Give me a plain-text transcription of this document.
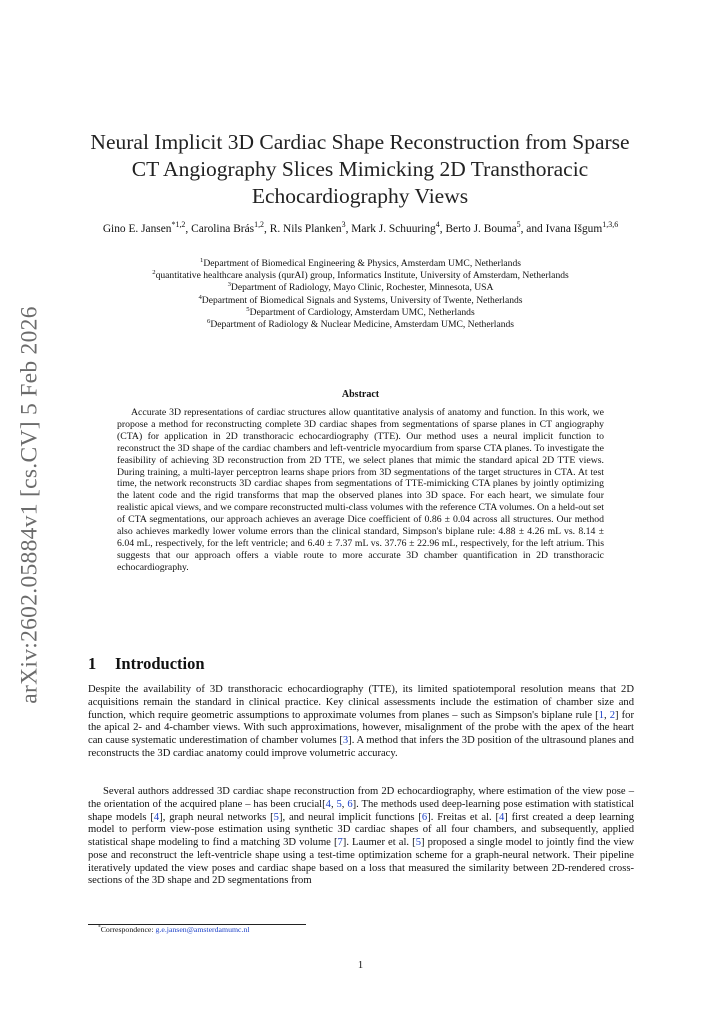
arXiv:2602.05884v1 [cs.CV] 5 Feb 2026
Neural Implicit 3D Cardiac Shape Reconstruction from Sparse CT Angiography Slices Mimicking 2D Transthoracic Echocardiography Views
Gino E. Jansen$^{*1,2}$, Carolina Brás$^{1,2}$, R. Nils Planken$^3$, Mark J. Schuuring$^4$, Berto J. Bouma$^5$, and Ivana Išgum$^{1,3,6}$
$^1$Department of Biomedical Engineering & Physics, Amsterdam UMC, Netherlands
$^2$quantitative healthcare analysis (qurAI) group, Informatics Institute, University of Amsterdam, Netherlands
$^3$Department of Radiology, Mayo Clinic, Rochester, Minnesota, USA
$^4$Department of Biomedical Signals and Systems, University of Twente, Netherlands
$^5$Department of Cardiology, Amsterdam UMC, Netherlands
$^6$Department of Radiology & Nuclear Medicine, Amsterdam UMC, Netherlands
Abstract
Accurate 3D representations of cardiac structures allow quantitative analysis of anatomy and function. In this work, we propose a method for reconstructing complete 3D cardiac shapes from segmentations of sparse planes in CT angiography (CTA) for application in 2D transthoracic echocardiography (TTE). Our method uses a neural implicit function to reconstruct the 3D shape of the cardiac chambers and left-ventricle myocardium from sparse CTA planes. To investigate the feasibility of achieving 3D reconstruction from 2D TTE, we select planes that mimic the standard apical 2D TTE views. During training, a multi-layer perceptron learns shape priors from 3D segmentations of the target structures in CTA. At test time, the network reconstructs 3D cardiac shapes from segmentations of TTE-mimicking CTA planes by jointly optimizing the latent code and the rigid transforms that map the observed planes into 3D space. For each heart, we simulate four realistic apical views, and we compare reconstructed multi-class volumes with the reference CTA volumes. On a held-out set of CTA segmentations, our approach achieves an average Dice coefficient of 0.86 ± 0.04 across all structures. Our method also achieves markedly lower volume errors than the clinical standard, Simpson's biplane rule: 4.88 ± 4.26 mL vs. 8.14 ± 6.04 mL, respectively, for the left ventricle; and 6.40 ± 7.37 mL vs. 37.76 ± 22.96 mL, respectively, for the left atrium. This suggests that our approach offers a viable route to more accurate 3D chamber quantification in 2D transthoracic echocardiography.
1 Introduction
Despite the availability of 3D transthoracic echocardiography (TTE), its limited spatiotemporal resolution means that 2D acquisitions remain the standard in clinical practice. Key clinical assessments include the estimation of chamber size and function, which require geometric assumptions to approximate volumes from planes – such as Simpson's biplane rule [1, 2] for the apical 2- and 4-chamber views. With such approximations, however, misalignment of the probe with the apex of the heart can cause systematic underestimation of chamber volumes [3]. A method that infers the 3D position of the ultrasound planes and reconstructs the 3D cardiac anatomy could improve volumetric accuracy.
Several authors addressed 3D cardiac shape reconstruction from 2D echocardiography, where estimation of the view pose – the orientation of the acquired plane – has been crucial[4, 5, 6]. The methods used deep-learning pose estimation with statistical shape models [4], graph neural networks [5], and neural implicit functions [6]. Freitas et al. [4] first created a deep learning model to perform view-pose estimation using synthetic 3D cardiac shapes of all four chambers, and subsequently, applied statistical shape modeling to find a matching 3D volume [7]. Laumer et al. [5] proposed a single model to jointly find the view pose and reconstruct the left-ventricle shape using a test-time optimization scheme for a graph-neural network. Their pipeline iteratively updated the view poses and cardiac shape based on a loss that measured the similarity between 2D-rendered cross-sections of the 3D shape and 2D segmentations from
*Correspondence: g.e.jansen@amsterdamumc.nl
1
